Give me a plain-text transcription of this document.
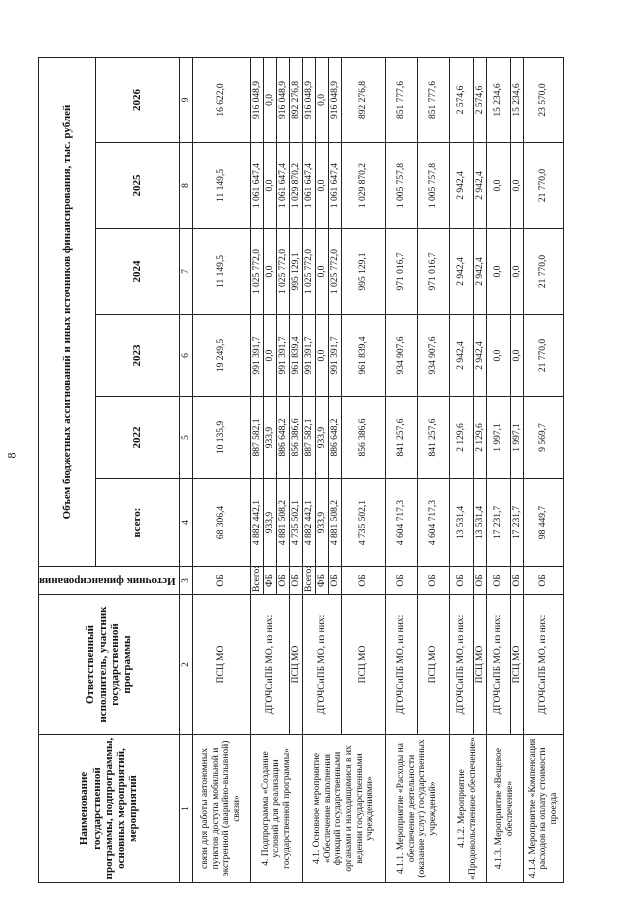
8
Наименование государственной программы, подпрограммы, основных мероприятий, мероприятий	Ответственный исполнитель, участник государственной программы	Источник финансирования	Объем бюджетных ассигнований и иных источников финансирования, тыс. рублей					
			всего:	2022	2023	2024	2025	2026
1	2	3	4	5	6	7	8	9
связи для работы автономных пунктов доступа мобильной и экстренной (аварийно-вызывной) связи»	ПСЦ МО	ОБ	68 306,4	10 135,9	19 249,5	11 149,5	11 149,5	16 622,0
4. Подпрограмма «Создание условий для реализации государственной программы»	ДГОЧСиПБ МО, из них:	Всего:	4 882 442,1	887 582,1	991 391,7	1 025 772,0	1 061 647,4	916 048,9
		ФБ	933,9	933,9	0,0	0,0	0,0	0,0
		ОБ	4 881 508,2	886 648,2	991 391,7	1 025 772,0	1 061 647,4	916 048,9
	ПСЦ МО	ОБ	4 735 502,1	856 386,6	961 839,4	995 129,1	1 029 870,2	892 276,8
4.1. Основное мероприятие «Обеспечение выполнения функций государственными органами и находящимися в их ведении государственными учреждениями»	ДГОЧСиПБ МО, из них:	Всего:	4 882 442,1	887 582,1	991 391,7	1 025 772,0	1 061 647,4	916 048,9
		ФБ	933,9	933,9	0,0	0,0	0,0	0,0
		ОБ	4 881 508,2	886 648,2	991 391,7	1 025 772,0	1 061 647,4	916 048,9
	ПСЦ МО	ОБ	4 735 502,1	856 386,6	961 839,4	995 129,1	1 029 870,2	892 276,8
4.1.1. Мероприятие «Расходы на обеспечение деятельности (оказание услуг) государственных учреждений»	ДГОЧСиПБ МО, из них:	ОБ	4 604 717,3	841 257,6	934 907,6	971 016,7	1 005 757,8	851 777,6
	ПСЦ МО	ОБ	4 604 717,3	841 257,6	934 907,6	971 016,7	1 005 757,8	851 777,6
4.1.2. Мероприятие «Продовольственное обеспечение»	ДГОЧСиПБ МО, из них:	ОБ	13 531,4	2 129,6	2 942,4	2 942,4	2 942,4	2 574,6
	ПСЦ МО	ОБ	13 531,4	2 129,6	2 942,4	2 942,4	2 942,4	2 574,6
4.1.3. Мероприятие «Вещевое обеспечение»	ДГОЧСиПБ МО, из них:	ОБ	17 231,7	1 997,1	0,0	0,0	0,0	15 234,6
	ПСЦ МО	ОБ	17 231,7	1 997,1	0,0	0,0	0,0	15 234,6
4.1.4. Мероприятие «Компенсация расходов на оплату стоимости проезда	ДГОЧСиПБ МО, из них:	ОБ	98 449,7	9 569,7	21 770,0	21 770,0	21 770,0	23 570,0
